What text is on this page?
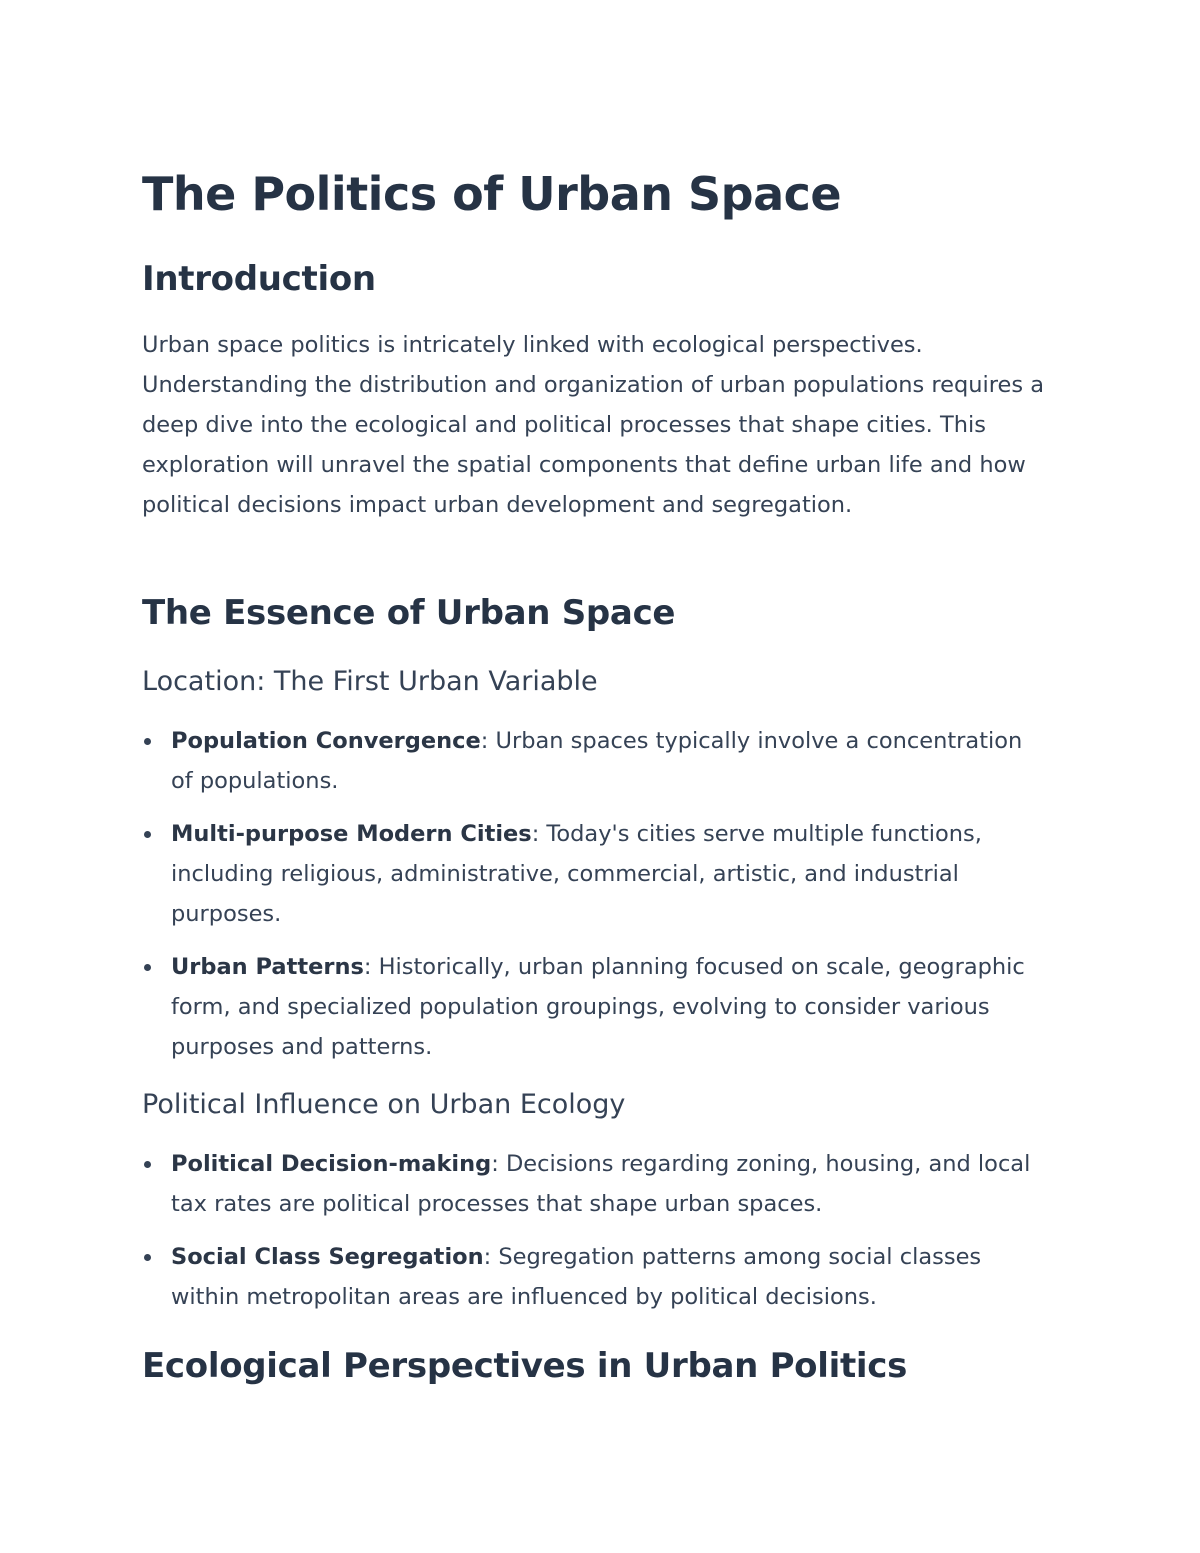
The Politics of Urban Space
Introduction

Urban space politics is intricately linked with ecological perspectives. Understanding the distribution and organization of urban populations requires a deep dive into the ecological and political processes that shape cities. This exploration will unravel the spatial components that define urban life and how political decisions impact urban development and segregation.

The Essence of Urban Space
Location: The First Urban Variable
Population Convergence: Urban spaces typically involve a concentration of populations.
Multi-purpose Modern Cities: Today's cities serve multiple functions, including religious, administrative, commercial, artistic, and industrial purposes.
Urban Patterns: Historically, urban planning focused on scale, geographic form, and specialized population groupings, evolving to consider various purposes and patterns.
Political Influence on Urban Ecology
Political Decision-making: Decisions regarding zoning, housing, and local tax rates are political processes that shape urban spaces.
Social Class Segregation: Segregation patterns among social classes within metropolitan areas are influenced by political decisions.
Ecological Perspectives in Urban Politics
